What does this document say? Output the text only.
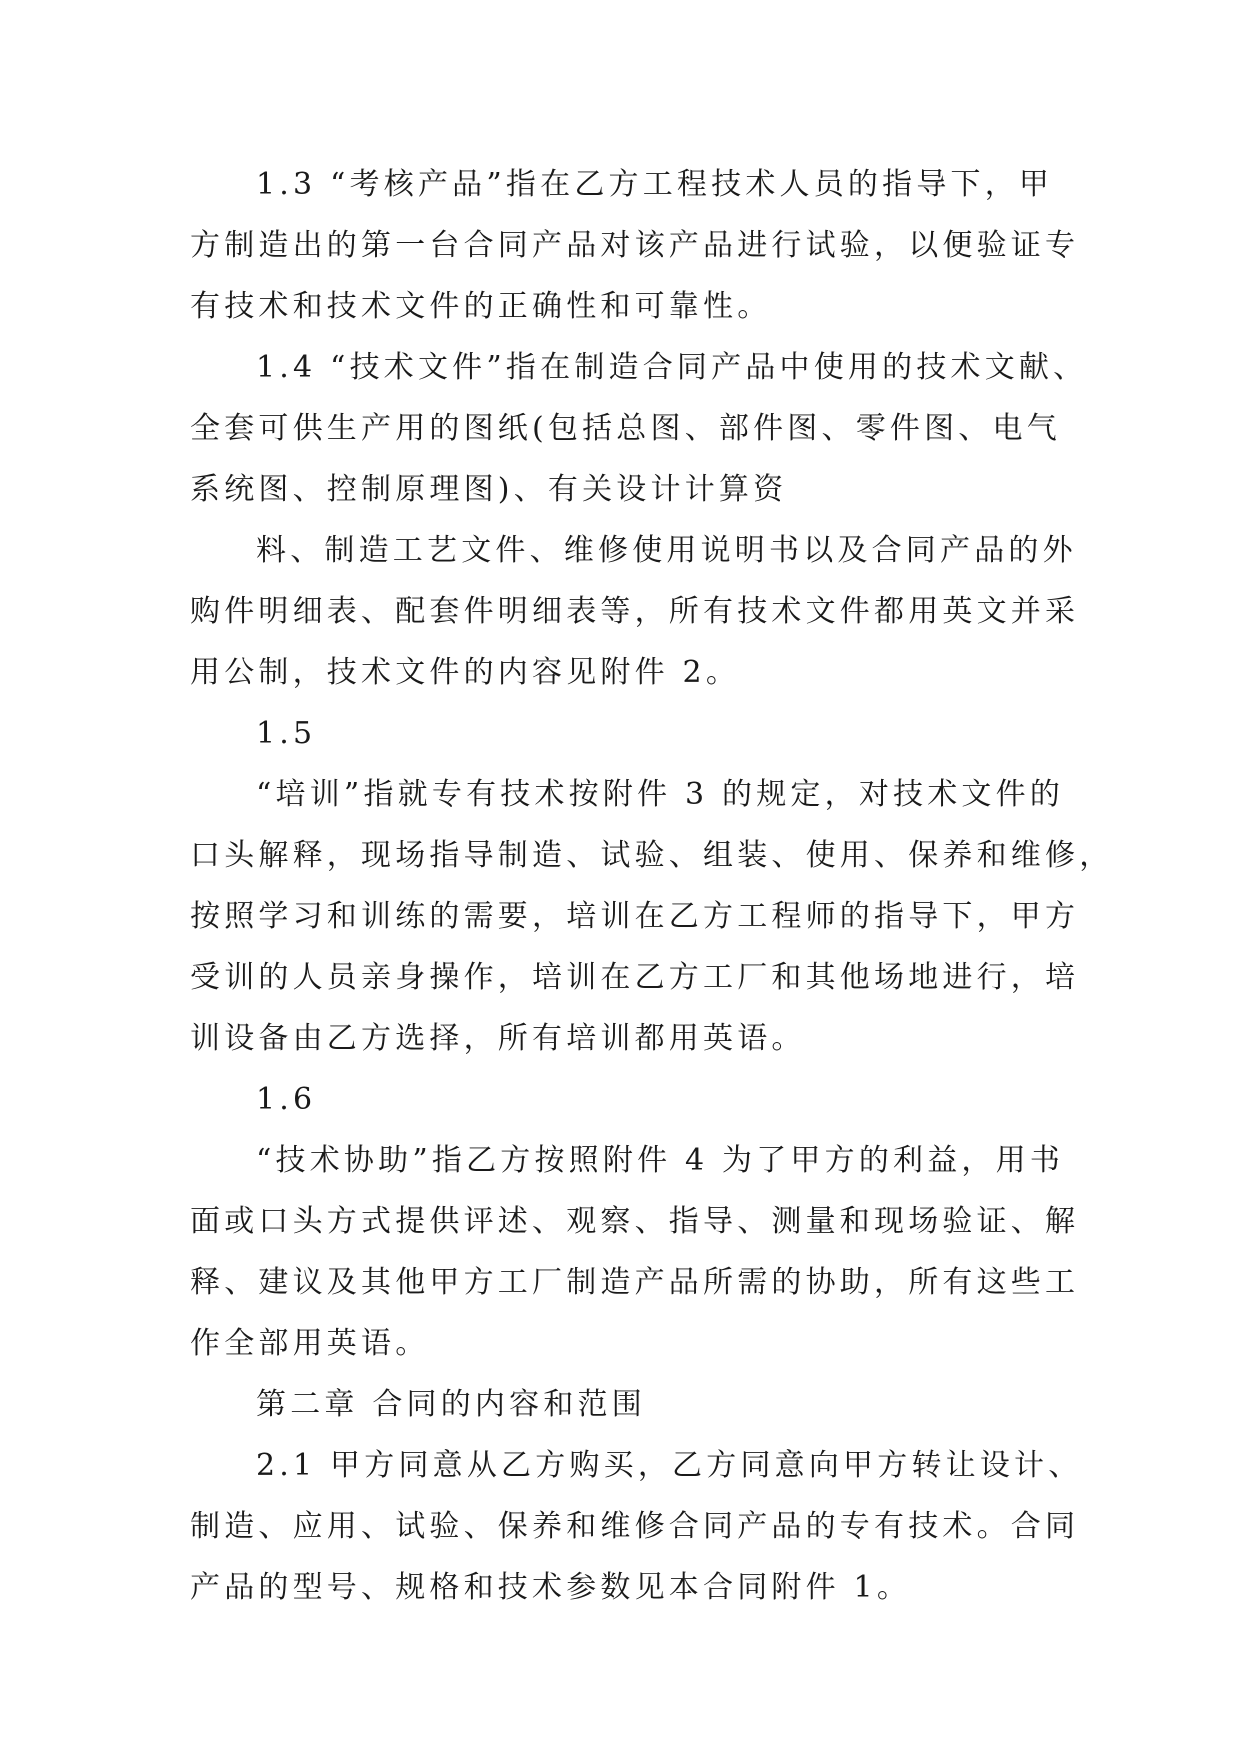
1.3 “考核产品”指在乙方工程技术人员的指导下，甲
方制造出的第一台合同产品对该产品进行试验，以便验证专
有技术和技术文件的正确性和可靠性。
1.4 “技术文件”指在制造合同产品中使用的技术文献、
全套可供生产用的图纸(包括总图、部件图、零件图、电气
系统图、控制原理图)、有关设计计算资
料、制造工艺文件、维修使用说明书以及合同产品的外
购件明细表、配套件明细表等，所有技术文件都用英文并采
用公制，技术文件的内容见附件 2。
1.5
“培训”指就专有技术按附件 3 的规定，对技术文件的
口头解释，现场指导制造、试验、组装、使用、保养和维修，
按照学习和训练的需要，培训在乙方工程师的指导下，甲方
受训的人员亲身操作，培训在乙方工厂和其他场地进行，培
训设备由乙方选择，所有培训都用英语。
1.6
“技术协助”指乙方按照附件 4 为了甲方的利益，用书
面或口头方式提供评述、观察、指导、测量和现场验证、解
释、建议及其他甲方工厂制造产品所需的协助，所有这些工
作全部用英语。
第二章 合同的内容和范围
2.1 甲方同意从乙方购买，乙方同意向甲方转让设计、
制造、应用、试验、保养和维修合同产品的专有技术。合同
产品的型号、规格和技术参数见本合同附件 1。
